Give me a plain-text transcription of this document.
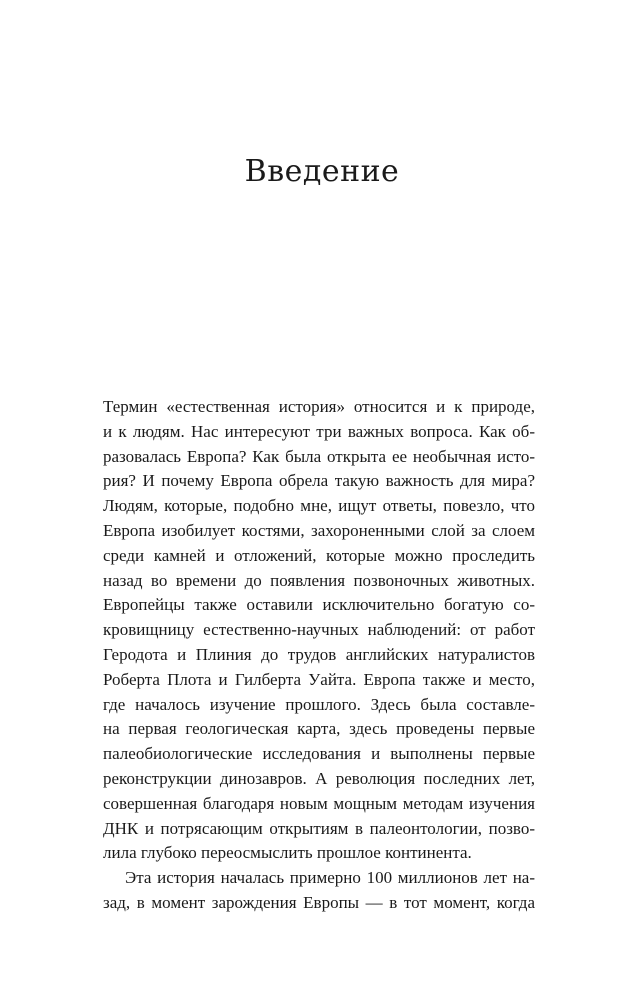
Введение
Термин «естественная история» относится и к природе,
и к людям. Нас интересуют три важных вопроса. Как об-
разовалась Европа? Как была открыта ее необычная исто-
рия? И почему Европа обрела такую важность для мира?
Людям, которые, подобно мне, ищут ответы, повезло, что
Европа изобилует костями, захороненными слой за слоем
среди камней и отложений, которые можно проследить
назад во времени до появления позвоночных животных.
Европейцы также оставили исключительно богатую со-
кровищницу естественно-научных наблюдений: от работ
Геродота и Плиния до трудов английских натуралистов
Роберта Плота и Гилберта Уайта. Европа также и место,
где началось изучение прошлого. Здесь была составле-
на первая геологическая карта, здесь проведены первые
палеобиологические исследования и выполнены первые
реконструкции динозавров. А революция последних лет,
совершенная благодаря новым мощным методам изучения
ДНК и потрясающим открытиям в палеонтологии, позво-
лила глубоко переосмыслить прошлое континента.
Эта история началась примерно 100 миллионов лет на-
зад, в момент зарождения Европы — в тот момент, когда
